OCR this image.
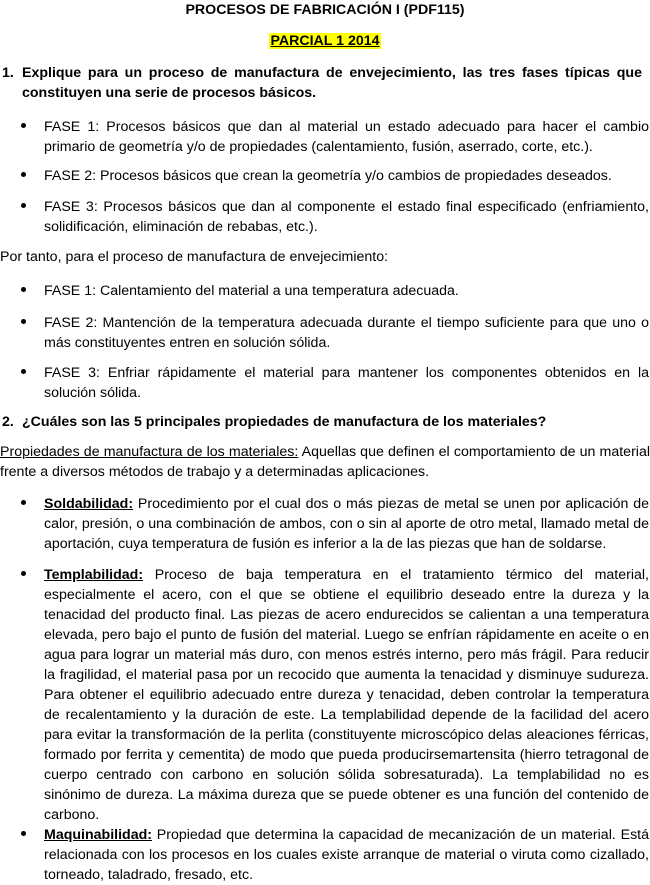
PROCESOS DE FABRICACIÓN I (PDF115)
PARCIAL 1 2014
1. Explique para un proceso de manufactura de envejecimiento, las tres fases típicas que constituyen una serie de procesos básicos.
FASE 1: Procesos básicos que dan al material un estado adecuado para hacer el cambio primario de geometría y/o de propiedades (calentamiento, fusión, aserrado, corte, etc.).
FASE 2: Procesos básicos que crean la geometría y/o cambios de propiedades deseados.
FASE 3: Procesos básicos que dan al componente el estado final especificado (enfriamiento, solidificación, eliminación de rebabas, etc.).
Por tanto, para el proceso de manufactura de envejecimiento:
FASE 1: Calentamiento del material a una temperatura adecuada.
FASE 2: Mantención de la temperatura adecuada durante el tiempo suficiente para que uno o más constituyentes entren en solución sólida.
FASE 3: Enfriar rápidamente el material para mantener los componentes obtenidos en la solución sólida.
2. ¿Cuáles son las 5 principales propiedades de manufactura de los materiales?
Propiedades de manufactura de los materiales: Aquellas que definen el comportamiento de un material frente a diversos métodos de trabajo y a determinadas aplicaciones.
Soldabilidad: Procedimiento por el cual dos o más piezas de metal se unen por aplicación de calor, presión, o una combinación de ambos, con o sin al aporte de otro metal, llamado metal de aportación, cuya temperatura de fusión es inferior a la de las piezas que han de soldarse.
Templabilidad: Proceso de baja temperatura en el tratamiento térmico del material, especialmente el acero, con el que se obtiene el equilibrio deseado entre la dureza y la tenacidad del producto final. Las piezas de acero endurecidos se calientan a una temperatura elevada, pero bajo el punto de fusión del material. Luego se enfrían rápidamente en aceite o en agua para lograr un material más duro, con menos estrés interno, pero más frágil. Para reducir la fragilidad, el material pasa por un recocido que aumenta la tenacidad y disminuye sudureza. Para obtener el equilibrio adecuado entre dureza y tenacidad, deben controlar la temperatura de recalentamiento y la duración de este. La templabilidad depende de la facilidad del acero para evitar la transformación de la perlita (constituyente microscópico delas aleaciones férricas, formado por ferrita y cementita) de modo que pueda producirsemartensita (hierro tetragonal de cuerpo centrado con carbono en solución sólida sobresaturada). La templabilidad no es sinónimo de dureza. La máxima dureza que se puede obtener es una función del contenido de carbono.
Maquinabilidad: Propiedad que determina la capacidad de mecanización de un material. Está relacionada con los procesos en los cuales existe arranque de material o viruta como cizallado, torneado, taladrado, fresado, etc.
